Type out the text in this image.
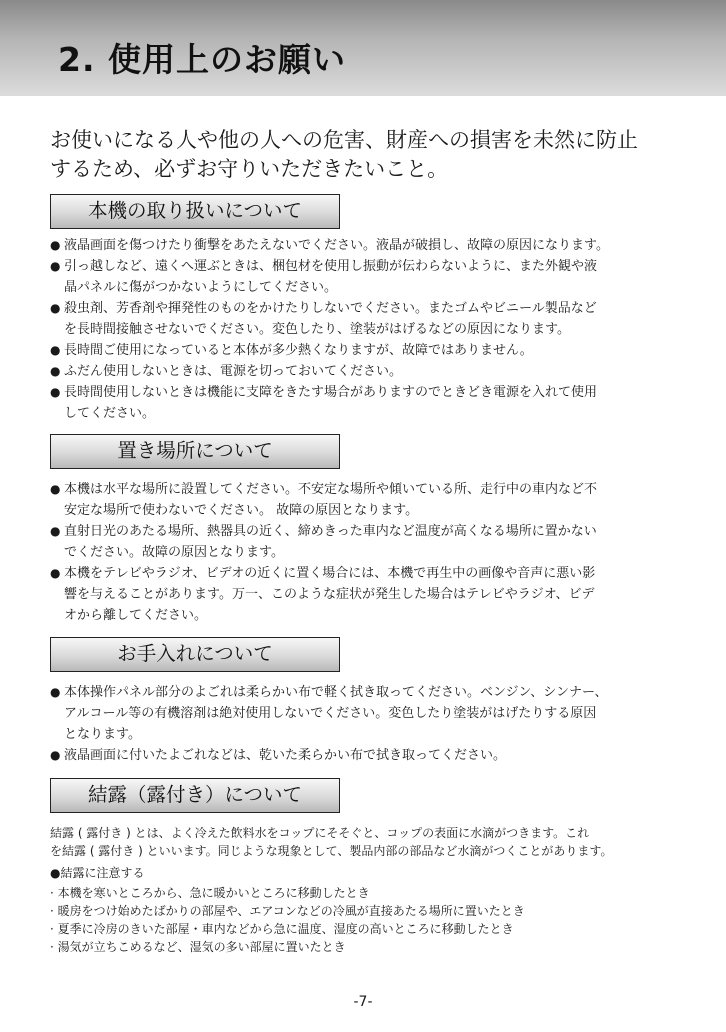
2. 使用上のお願い
お使いになる人や他の人への危害、財産への損害を未然に防止
するため、必ずお守りいただきたいこと。
本機の取り扱いについて
● 液晶画面を傷つけたり衝撃をあたえないでください。液晶が破損し、故障の原因になります。
● 引っ越しなど、遠くへ運ぶときは、梱包材を使用し振動が伝わらないように、また外観や液
晶パネルに傷がつかないようにしてください。
● 殺虫剤、芳香剤や揮発性のものをかけたりしないでください。またゴムやビニール製品など
を長時間接触させないでください。変色したり、塗装がはげるなどの原因になります。
● 長時間ご使用になっていると本体が多少熱くなりますが、故障ではありません。
● ふだん使用しないときは、電源を切っておいてください。
● 長時間使用しないときは機能に支障をきたす場合がありますのでときどき電源を入れて使用
してください。
置き場所について
● 本機は水平な場所に設置してください。不安定な場所や傾いている所、走行中の車内など不
安定な場所で使わないでください。 故障の原因となります。
● 直射日光のあたる場所、熱器具の近く、締めきった車内など温度が高くなる場所に置かない
でください。故障の原因となります。
● 本機をテレビやラジオ、ビデオの近くに置く場合には、本機で再生中の画像や音声に悪い影
響を与えることがあります。万一、このような症状が発生した場合はテレビやラジオ、ビデ
オから離してください。
お手入れについて
● 本体操作パネル部分のよごれは柔らかい布で軽く拭き取ってください。ベンジン、シンナー、
アルコール等の有機溶剤は絶対使用しないでください。変色したり塗装がはげたりする原因
となります。
● 液晶画面に付いたよごれなどは、乾いた柔らかい布で拭き取ってください。
結露（露付き）について
結露 ( 露付き ) とは、よく冷えた飲料水をコップにそそぐと、コップの表面に水滴がつきます。これ
を結露 ( 露付き ) といいます。同じような現象として、製品内部の部品など水滴がつくことがあります。
●結露に注意する
· 本機を寒いところから、急に暖かいところに移動したとき
· 暖房をつけ始めたばかりの部屋や、エアコンなどの冷風が直接あたる場所に置いたとき
· 夏季に冷房のきいた部屋・車内などから急に温度、湿度の高いところに移動したとき
· 湯気が立ちこめるなど、湿気の多い部屋に置いたとき
-7-
